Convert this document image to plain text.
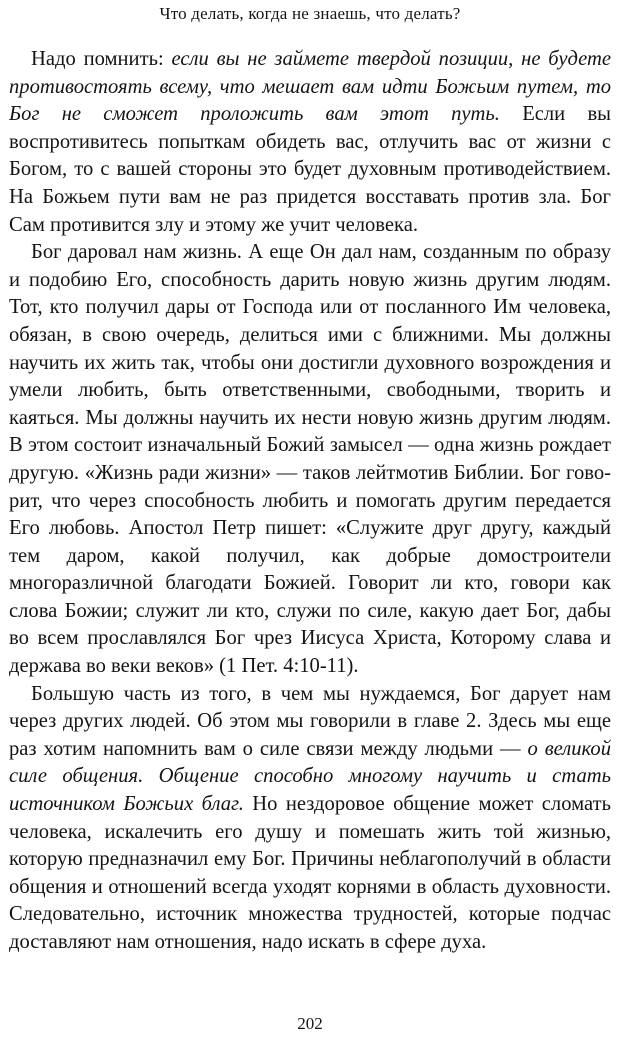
Что делать, когда не знаешь, что делать?

Надо помнить: если вы не займете твердой позиции, не будете противостоять всему, что мешает вам идти Божьим путем, то Бог не сможет проложить вам этот путь. Если вы воспротивитесь попыткам обидеть вас, отлучить вас от жизни с Богом, то с вашей стороны это будет духовным противодействием. На Божьем пути вам не раз придется восставать против зла. Бог Сам противится злу и этому же учит человека.

Бог даровал нам жизнь. А еще Он дал нам, созданным по образу и подобию Его, способность дарить новую жизнь другим людям. Тот, кто получил дары от Господа или от посланного Им человека, обязан, в свою очередь, делиться ими с ближними. Мы должны научить их жить так, чтобы они достигли духовного возрождения и умели любить, быть ответственными, свободными, творить и каяться. Мы должны научить их нести новую жизнь другим людям. В этом состоит изначальный Божий замысел — одна жизнь рождает другую. «Жизнь ради жизни» — таков лейтмотив Библии. Бог говорит, что через способность любить и помогать другим передается Его любовь. Апостол Петр пишет: «Служите друг другу, каждый тем даром, какой получил, как добрые домостроители многоразличной благодати Божией. Говорит ли кто, говори как слова Божии; служит ли кто, служи по силе, какую дает Бог, дабы во всем прославлялся Бог чрез Иисуса Христа, Которому слава и держава во веки веков» (1 Пет. 4:10-11).

Большую часть из того, в чем мы нуждаемся, Бог дарует нам через других людей. Об этом мы говорили в главе 2. Здесь мы еще раз хотим напомнить вам о силе связи между людьми — о великой силе общения. Общение способно многому научить и стать источником Божьих благ. Но нездоровое общение может сломать человека, искалечить его душу и помешать жить той жизнью, которую предназначил ему Бог. Причины неблагополучий в области общения и отношений всегда уходят корнями в область духовности. Следовательно, источник множества трудностей, которые подчас доставляют нам отношения, надо искать в сфере духа.

202
